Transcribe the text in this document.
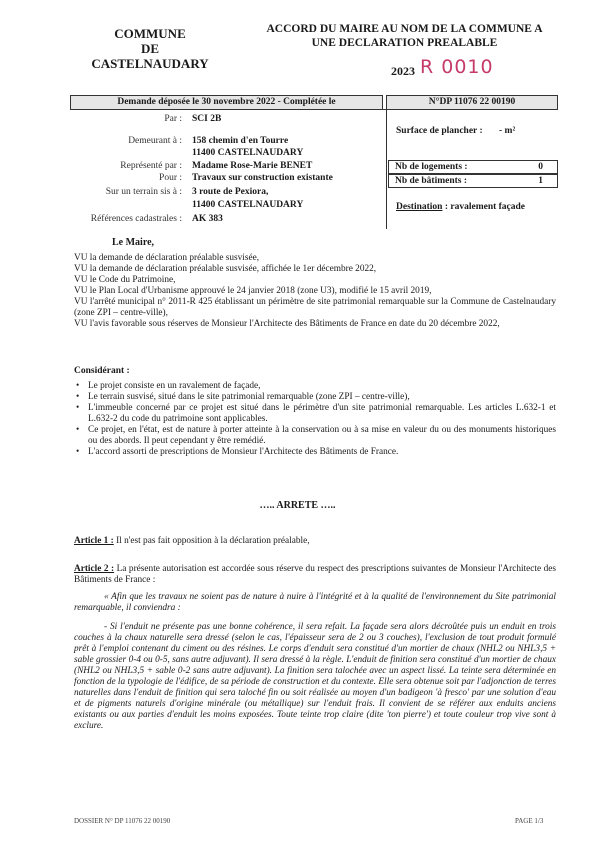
COMMUNE
DE
CASTELNAUDARY
ACCORD DU MAIRE AU NOM DE LA COMMUNE A
UNE DECLARATION PREALABLE
2023 R 0010
Demande déposée le 30 novembre 2022 - Complétée le	N°DP 11076 22 00190
Par : SCI 2B
Demeurant à : 158 chemin d'en Tourre
11400 CASTELNAUDARY
Représenté par : Madame Rose-Marie BENET
Pour : Travaux sur construction existante
Sur un terrain sis à : 3 route de Pexiora,
11400 CASTELNAUDARY
Références cadastrales : AK 383
Surface de plancher : - m²
Nb de logements :	0
Nb de bâtiments :	1
Destination : ravalement façade
Le Maire,

VU la demande de déclaration préalable susvisée,

VU la demande de déclaration préalable susvisée, affichée le 1er décembre 2022,

VU le Code du Patrimoine,

VU le Plan Local d'Urbanisme approuvé le 24 janvier 2018 (zone U3), modifié le 15 avril 2019,

VU l'arrêté municipal n° 2011-R 425 établissant un périmètre de site patrimonial remarquable sur la Commune de Castelnaudary (zone ZPI – centre-ville),

VU l'avis favorable sous réserves de Monsieur l'Architecte des Bâtiments de France en date du 20 décembre 2022,

Considérant :

• Le projet consiste en un ravalement de façade,

• Le terrain susvisé, situé dans le site patrimonial remarquable (zone ZPI – centre-ville),

• L'immeuble concerné par ce projet est situé dans le périmètre d'un site patrimonial remarquable. Les articles L.632-1 et L.632-2 du code du patrimoine sont applicables.

• Ce projet, en l'état, est de nature à porter atteinte à la conservation ou à sa mise en valeur du ou des monuments historiques ou des abords. Il peut cependant y être remédié.

• L'accord assorti de prescriptions de Monsieur l'Architecte des Bâtiments de France.

….. ARRETE …..

Article 1 : Il n'est pas fait opposition à la déclaration préalable,

Article 2 : La présente autorisation est accordée sous réserve du respect des prescriptions suivantes de Monsieur l'Architecte des Bâtiments de France :

« Afin que les travaux ne soient pas de nature à nuire à l'intégrité et à la qualité de l'environnement du Site patrimonial remarquable, il conviendra :

- Si l'enduit ne présente pas une bonne cohérence, il sera refait. La façade sera alors décroûtée puis un enduit en trois couches à la chaux naturelle sera dressé (selon le cas, l'épaisseur sera de 2 ou 3 couches), l'exclusion de tout produit formulé prêt à l'emploi contenant du ciment ou des résines. Le corps d'enduit sera constitué d'un mortier de chaux (NHL2 ou NHL3,5 + sable grossier 0-4 ou 0-5, sans autre adjuvant). Il sera dressé à la règle. L'enduit de finition sera constitué d'un mortier de chaux (NHL2 ou NHL3,5 + sable 0-2 sans autre adjuvant). La finition sera talochée avec un aspect lissé. La teinte sera déterminée en fonction de la typologie de l'édifice, de sa période de construction et du contexte. Elle sera obtenue soit par l'adjonction de terres naturelles dans l'enduit de finition qui sera taloché fin ou soit réalisée au moyen d'un badigeon 'à fresco' par une solution d'eau et de pigments naturels d'origine minérale (ou métallique) sur l'enduit frais. Il convient de se référer aux enduits anciens existants ou aux parties d'enduit les moins exposées. Toute teinte trop claire (dite 'ton pierre') et toute couleur trop vive sont à exclure.

DOSSIER N° DP 11076 22 00190	PAGE 1/3
